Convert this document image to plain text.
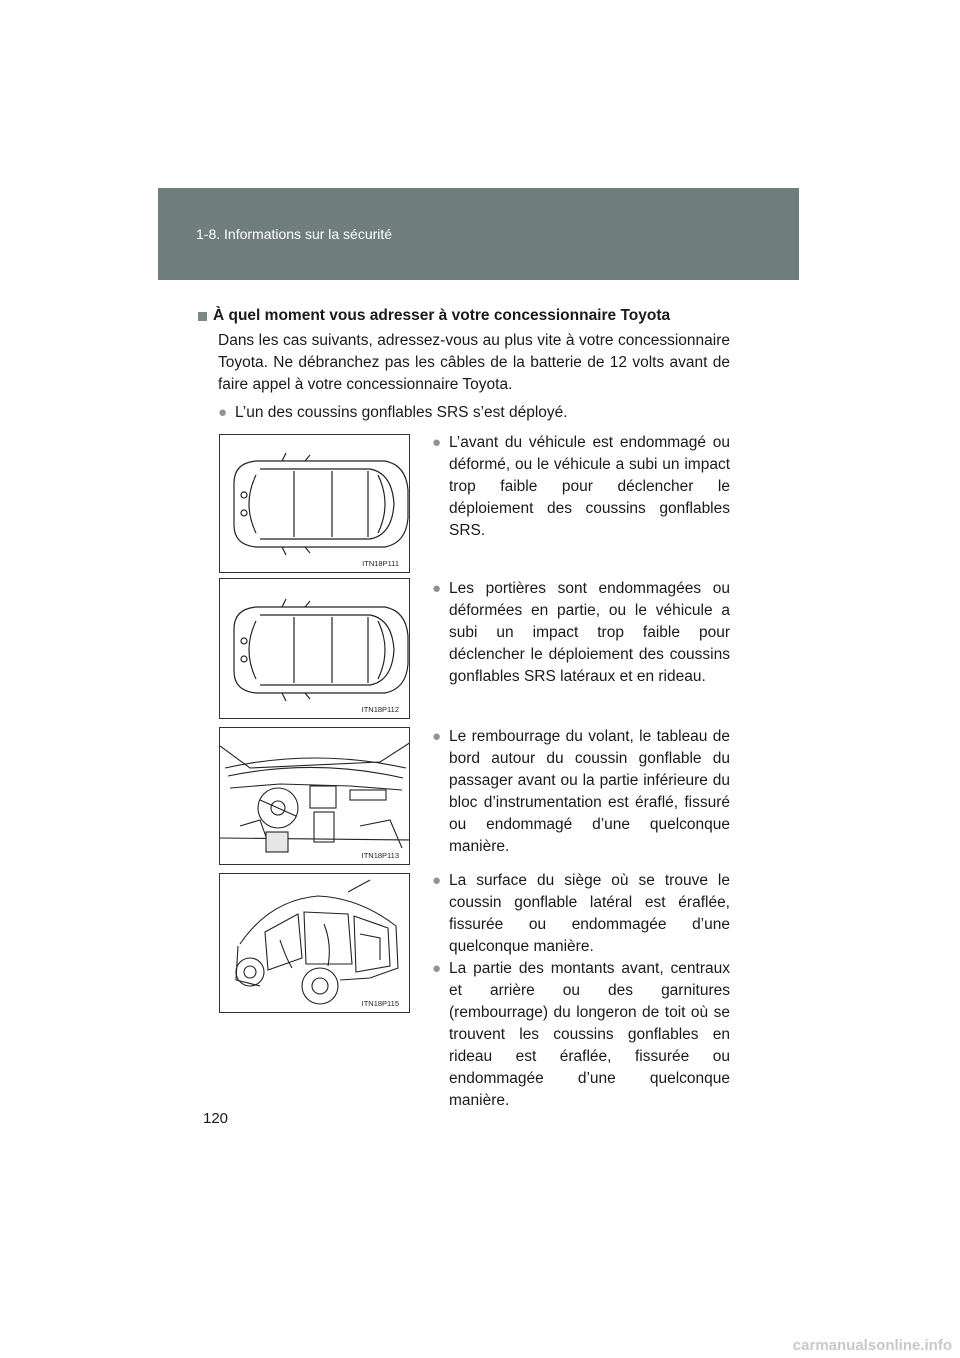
1-8. Informations sur la sécurité
À quel moment vous adresser à votre concessionnaire Toyota
Dans les cas suivants, adressez-vous au plus vite à votre concessionnaire Toyota. Ne débranchez pas les câbles de la batterie de 12 volts avant de faire appel à votre concessionnaire Toyota.
● L’un des coussins gonflables SRS s’est déployé.
ITN18P111
ITN18P112
ITN18P113
ITN18P115
● L’avant du véhicule est endommagé ou déformé, ou le véhicule a subi un impact trop faible pour déclencher le déploiement des coussins gonflables SRS.
● Les portières sont endommagées ou déformées en partie, ou le véhicule a subi un impact trop faible pour déclencher le déploiement des coussins gonflables SRS latéraux et en rideau.
● Le rembourrage du volant, le tableau de bord autour du coussin gonflable du passager avant ou la partie inférieure du bloc d’instrumentation est éraflé, fissuré ou endommagé d’une quelconque manière.
● La surface du siège où se trouve le coussin gonflable latéral est éraflée, fissurée ou endommagée d’une quelconque manière.
● La partie des montants avant, centraux et arrière ou des garnitures (rembourrage) du longeron de toit où se trouvent les coussins gonflables en rideau est éraflée, fissurée ou endommagée d’une quelconque manière.
120
carmanualsonline.info
